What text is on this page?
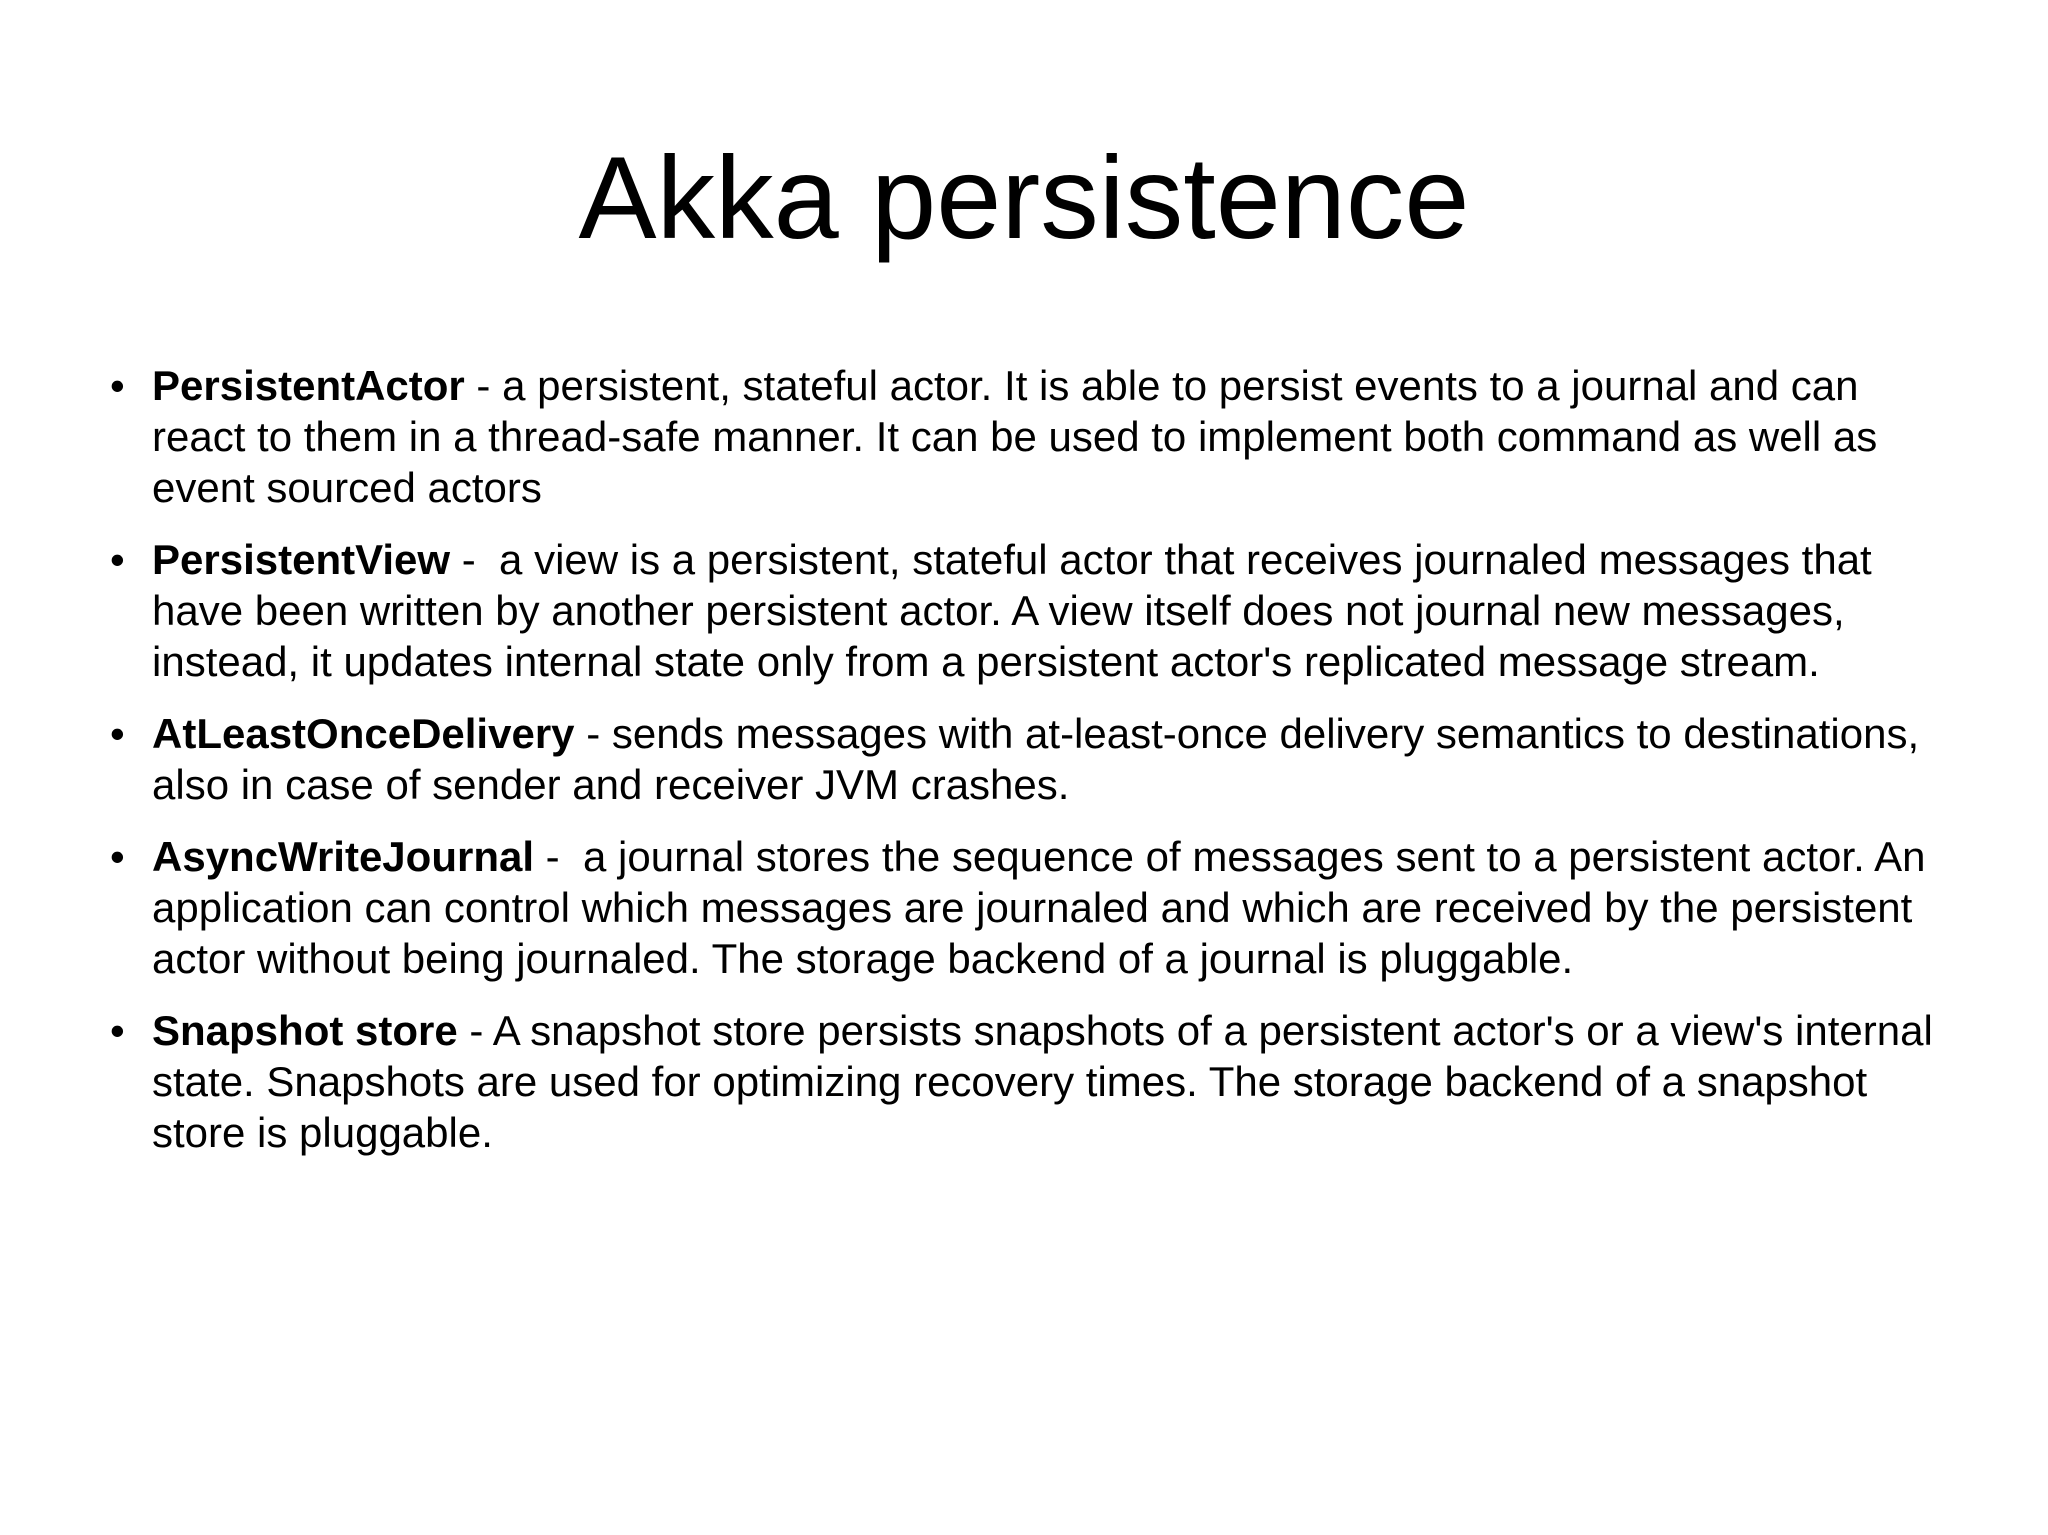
Akka persistence
• PersistentActor - a persistent, stateful actor. It is able to persist events to a journal and can react to them in a thread-safe manner. It can be used to implement both command as well as event sourced actors
• PersistentView -  a view is a persistent, stateful actor that receives journaled messages that have been written by another persistent actor. A view itself does not journal new messages, instead, it updates internal state only from a persistent actor's replicated message stream.
• AtLeastOnceDelivery - sends messages with at-least-once delivery semantics to destinations, also in case of sender and receiver JVM crashes.
• AsyncWriteJournal -  a journal stores the sequence of messages sent to a persistent actor. An application can control which messages are journaled and which are received by the persistent actor without being journaled. The storage backend of a journal is pluggable.
• Snapshot store - A snapshot store persists snapshots of a persistent actor's or a view's internal state. Snapshots are used for optimizing recovery times. The storage backend of a snapshot store is pluggable.
